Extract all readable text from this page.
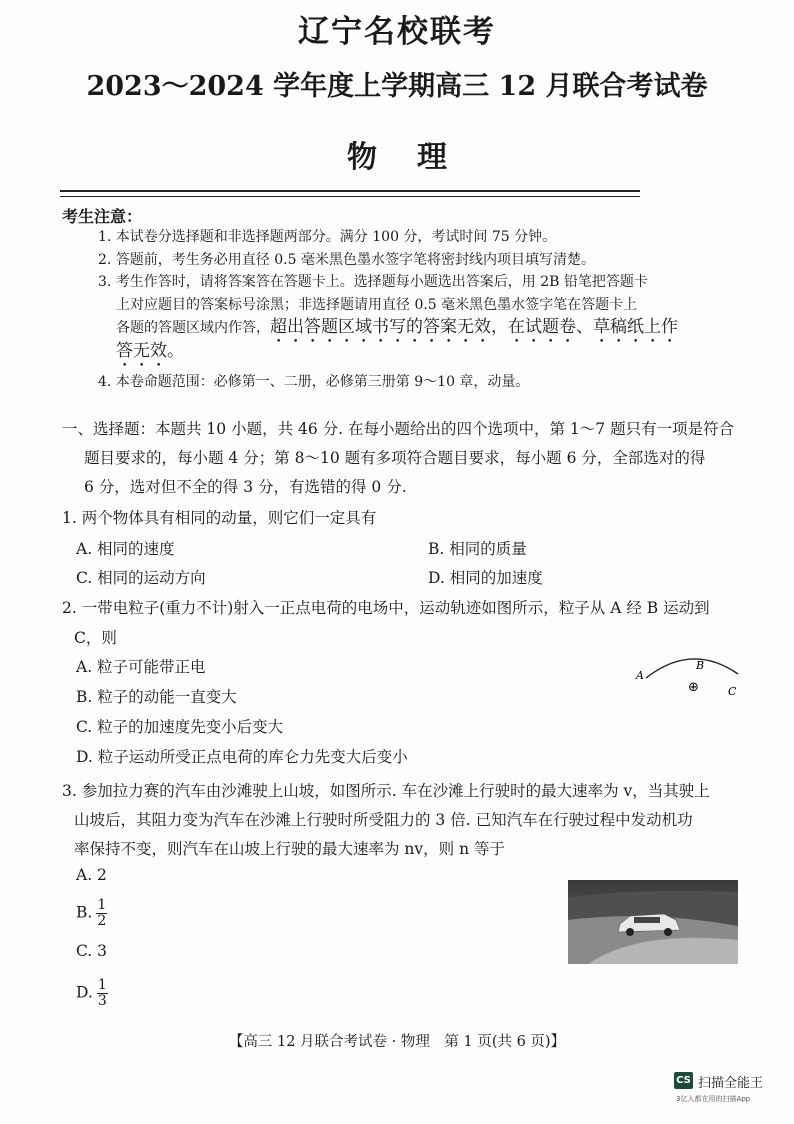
辽宁名校联考
2023～2024 学年度上学期高三 12 月联合考试卷
物理
考生注意：
1. 本试卷分选择题和非选择题两部分。满分 100 分，考试时间 75 分钟。
2. 答题前，考生务必用直径 0.5 毫米黑色墨水签字笔将密封线内项目填写清楚。
3. 考生作答时，请将答案答在答题卡上。选择题每小题选出答案后，用 2B 铅笔把答题卡
上对应题目的答案标号涂黑；非选择题请用直径 0.5 毫米黑色墨水签字笔在答题卡上
各题的答题区域内作答，超出答题区域书写的答案无效，在试题卷、草稿纸上作
答无效。
4. 本卷命题范围：必修第一、二册，必修第三册第 9～10 章，动量。
一、选择题：本题共 10 小题，共 46 分. 在每小题给出的四个选项中，第 1～7 题只有一项是符合
题目要求的，每小题 4 分；第 8～10 题有多项符合题目要求，每小题 6 分，全部选对的得
6 分，选对但不全的得 3 分，有选错的得 0 分.
1. 两个物体具有相同的动量，则它们一定具有
A. 相同的速度	B. 相同的质量
C. 相同的运动方向	D. 相同的加速度
2. 一带电粒子(重力不计)射入一正点电荷的电场中，运动轨迹如图所示，粒子从 A 经 B 运动到
C，则
A. 粒子可能带正电
B. 粒子的动能一直变大
C. 粒子的加速度先变小后变大
D. 粒子运动所受正点电荷的库仑力先变大后变小
A
B
C
⊕
3. 参加拉力赛的汽车由沙滩驶上山坡，如图所示. 车在沙滩上行驶时的最大速率为 v，当其驶上
山坡后，其阻力变为汽车在沙滩上行驶时所受阻力的 3 倍. 已知汽车在行驶过程中发动机功
率保持不变，则汽车在山坡上行驶的最大速率为 nv，则 n 等于
A. 2
B. $\frac{1}{2}$
C. 3
D. $\frac{1}{3}$
【高三 12 月联合考试卷 · 物理　第 1 页(共 6 页)】
CS 扫描全能王
3亿人都在用的扫描App
